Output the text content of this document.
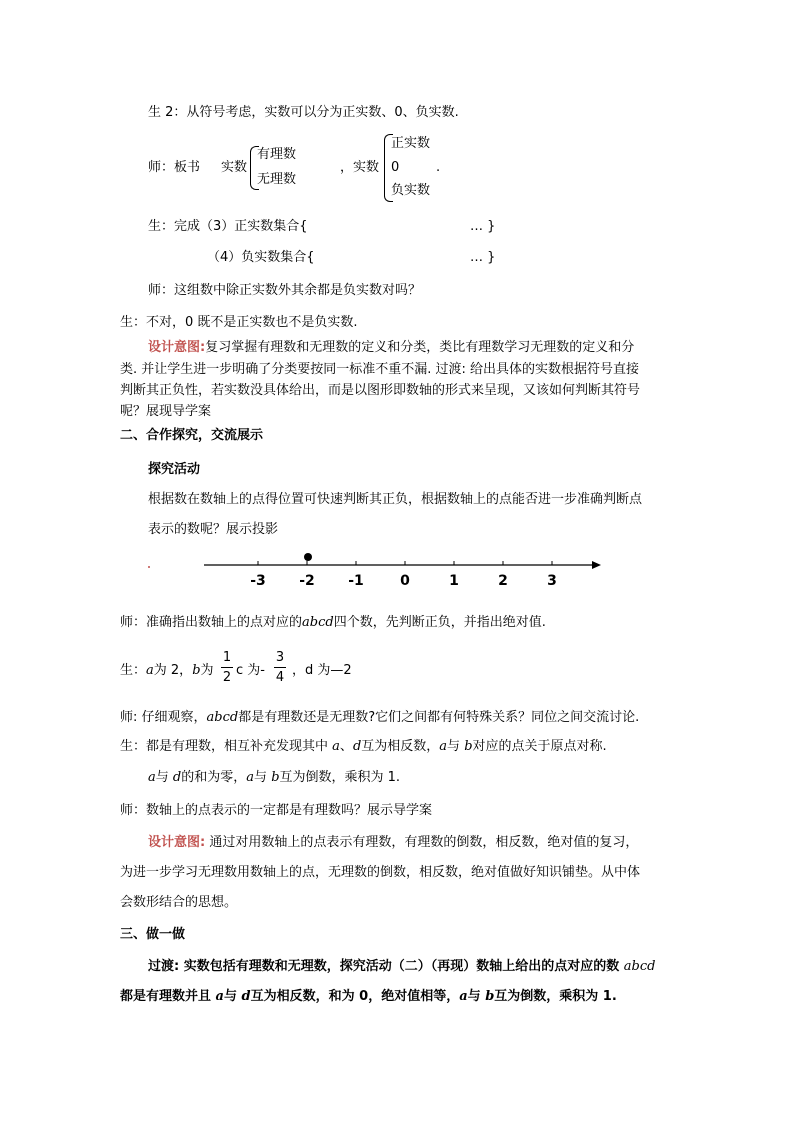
生 2：从符号考虑，实数可以分为正实数、0、负实数.
师：板书 实数
有理数
无理数
，实数
正实数
0	.
负实数
生：完成（3）正实数集合{	… }
（4）负实数集合{	… }
师：这组数中除正实数外其余都是负实数对吗？
生：不对，0 既不是正实数也不是负实数.
设计意图:复习掌握有理数和无理数的定义和分类，类比有理数学习无理数的定义和分
类. 并让学生进一步明确了分类要按同一标准不重不漏. 过渡: 给出具体的实数根据符号直接
判断其正负性，若实数没具体给出，而是以图形即数轴的形式来呈现，又该如何判断其符号
呢？展现导学案
二、合作探究，交流展示
探究活动
根据数在数轴上的点得位置可快速判断其正负，根据数轴上的点能否进一步准确判断点
表示的数呢？展示投影
-3 -2 -1	0	1	2	3
师：准确指出数轴上的点对应的abcd四个数，先判断正负，并指出绝对值.
生：a为 2，b为
1
2 c 为-
3
4 ，d 为—2
师: 仔细观察，abcd都是有理数还是无理数?它们之间都有何特殊关系？同位之间交流讨论.
生：都是有理数，相互补充发现其中 a、d互为相反数，a与 b对应的点关于原点对称.
a与 d的和为零，a与 b互为倒数，乘积为 1.
师：数轴上的点表示的一定都是有理数吗？展示导学案
设计意图: 通过对用数轴上的点表示有理数，有理数的倒数，相反数，绝对值的复习，
为进一步学习无理数用数轴上的点，无理数的倒数，相反数，绝对值做好知识铺垫。从中体
会数形结合的思想。
三、做一做
过渡: 实数包括有理数和无理数，探究活动（二）（再现）数轴上给出的点对应的数 abcd
都是有理数并且 a与 d互为相反数，和为 0，绝对值相等，a与 b互为倒数，乘积为 1.
